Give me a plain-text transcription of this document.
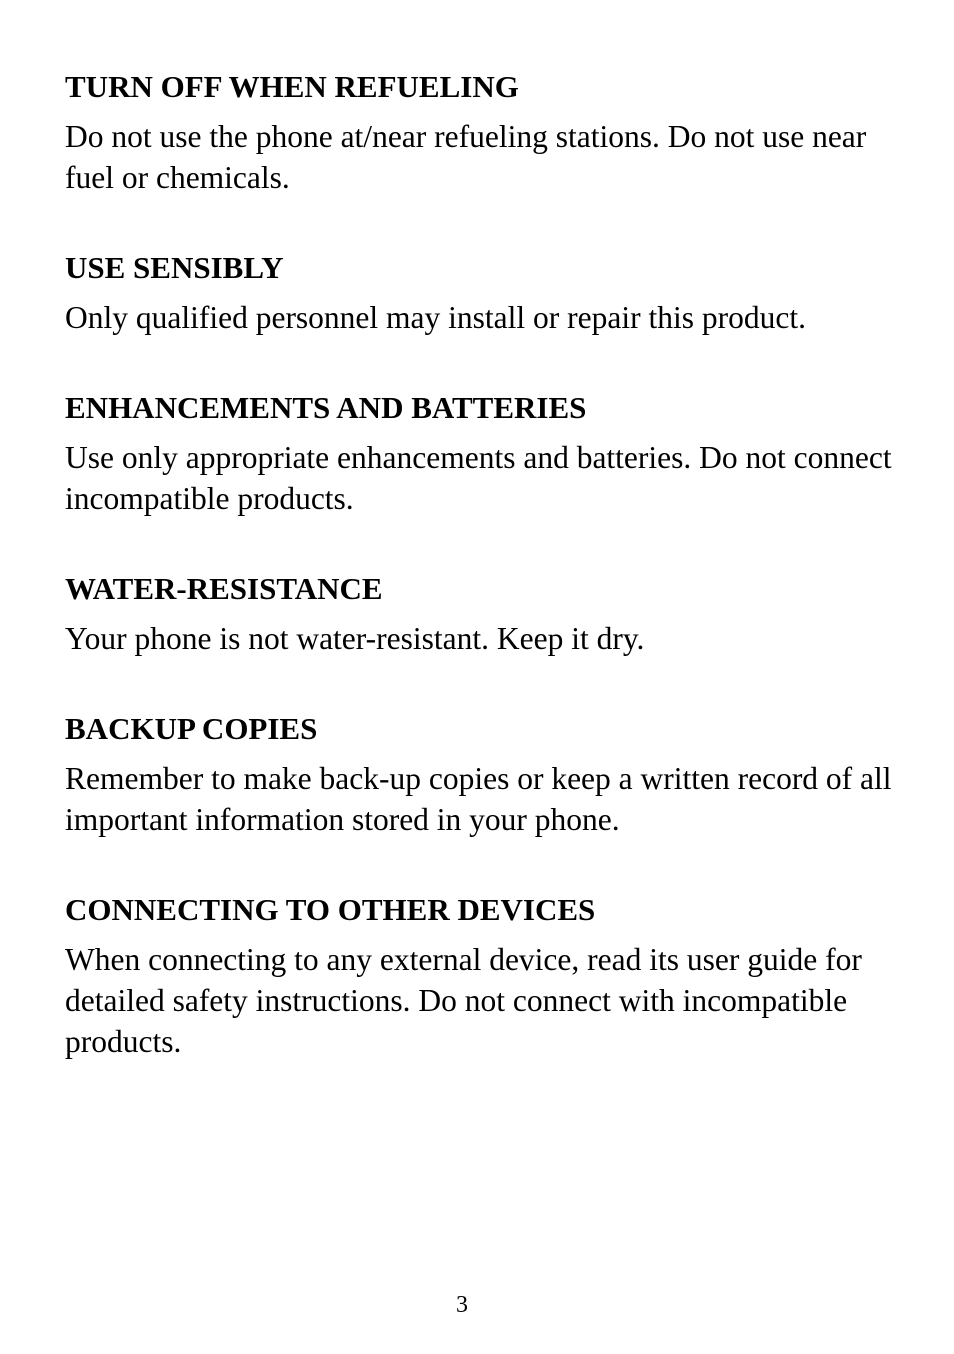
TURN OFF WHEN REFUELING

Do not use the phone at/near refueling stations. Do not use near fuel or chemicals.

USE SENSIBLY

Only qualified personnel may install or repair this product.

ENHANCEMENTS AND BATTERIES

Use only appropriate enhancements and batteries. Do not connect incompatible products.

WATER-RESISTANCE

Your phone is not water-resistant. Keep it dry.

BACKUP COPIES

Remember to make back-up copies or keep a written record of all important information stored in your phone.

CONNECTING TO OTHER DEVICES

When connecting to any external device, read its user guide for detailed safety instructions. Do not connect with incompatible products.

3
